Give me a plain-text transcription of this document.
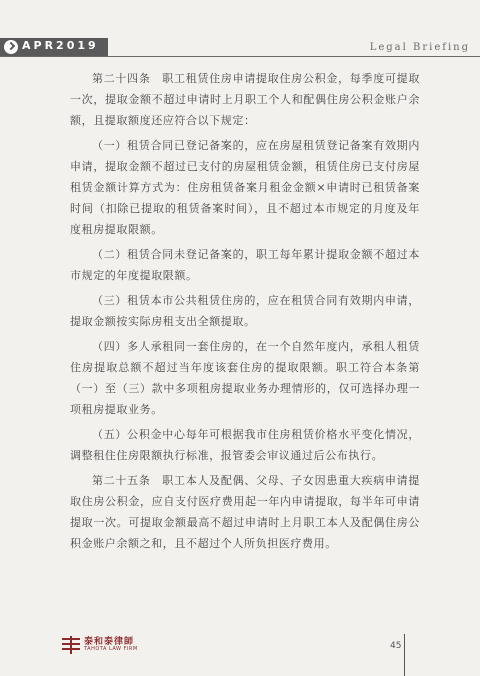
APR2019	Legal Briefing

第二十四条　职工租赁住房申请提取住房公积金，每季度可提取一次，提取金额不超过申请时上月职工个人和配偶住房公积金账户余额，且提取额度还应符合以下规定：

（一）租赁合同已登记备案的，应在房屋租赁登记备案有效期内申请，提取金额不超过已支付的房屋租赁金额，租赁住房已支付房屋租赁金额计算方式为：住房租赁备案月租金金额×申请时已租赁备案时间（扣除已提取的租赁备案时间），且不超过本市规定的月度及年度租房提取限额。

（二）租赁合同未登记备案的，职工每年累计提取金额不超过本市规定的年度提取限额。

（三）租赁本市公共租赁住房的，应在租赁合同有效期内申请，提取金额按实际房租支出全额提取。

（四）多人承租同一套住房的，在一个自然年度内，承租人租赁住房提取总额不超过当年度该套住房的提取限额。职工符合本条第（一）至（三）款中多项租房提取业务办理情形的，仅可选择办理一项租房提取业务。

（五）公积金中心每年可根据我市住房租赁价格水平变化情况，调整租住住房限额执行标准，报管委会审议通过后公布执行。

第二十五条　职工本人及配偶、父母、子女因患重大疾病申请提取住房公积金，应自支付医疗费用起一年内申请提取，每半年可申请提取一次。可提取金额最高不超过申请时上月职工本人及配偶住房公积金账户余额之和，且不超过个人所负担医疗费用。

泰和泰律師
TAHOTA LAW FIRM	45
